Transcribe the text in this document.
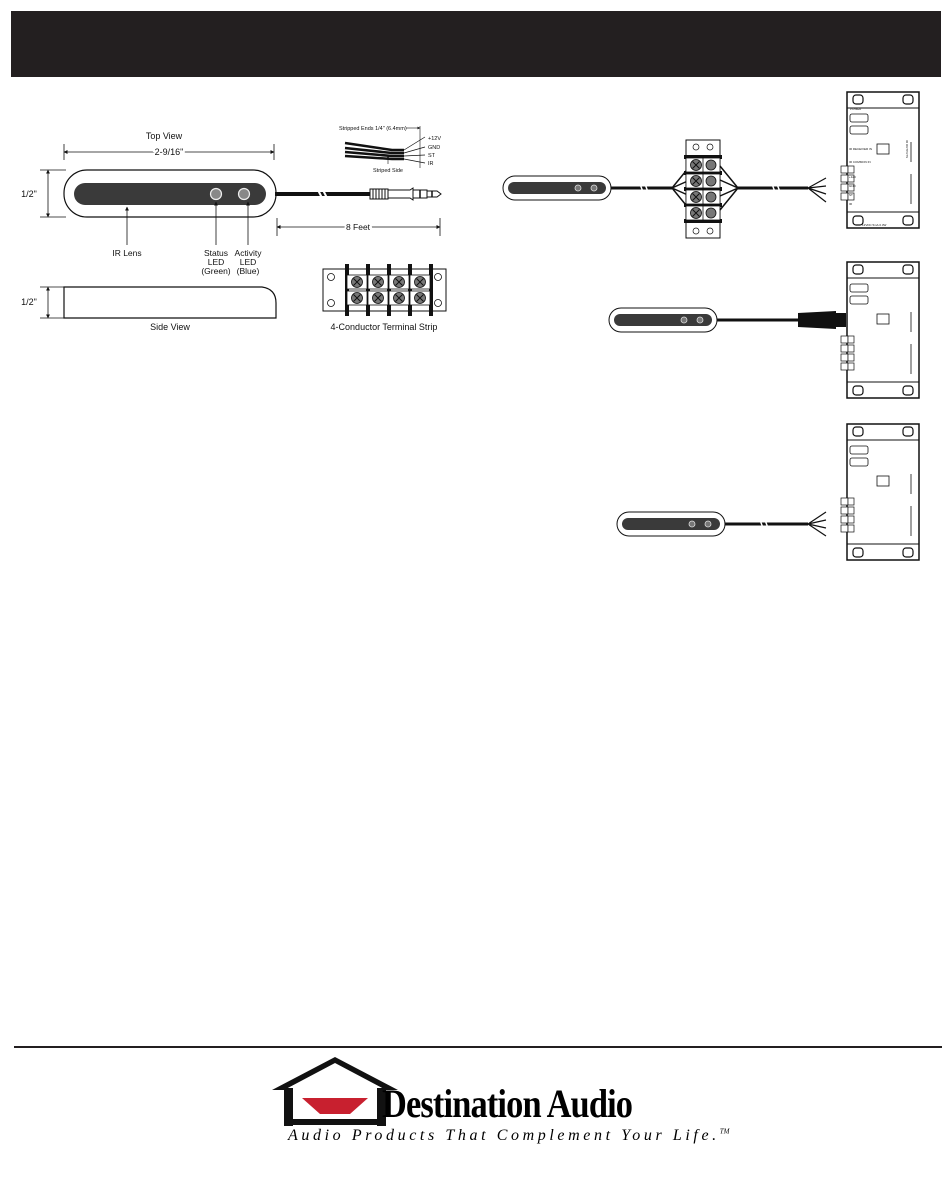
Top View
2-9/16"
1/2"
IR Lens	Status
LED
(Green)
Activity
LED
(Blue)
8 Feet
Stripped Ends 1/4" (6.4mm)
+12V
GND
ST
IR
Striped Side
1/2"
Side View	4-Conductor Terminal Strip
POWER
IR RECEIVER IN
IR COMMON IN
+12V
GND
ST
IR
12VDC 5mA 0.3W
IR OUTPUTS
Destination Audio
Audio Products That Complement Your Life.™
